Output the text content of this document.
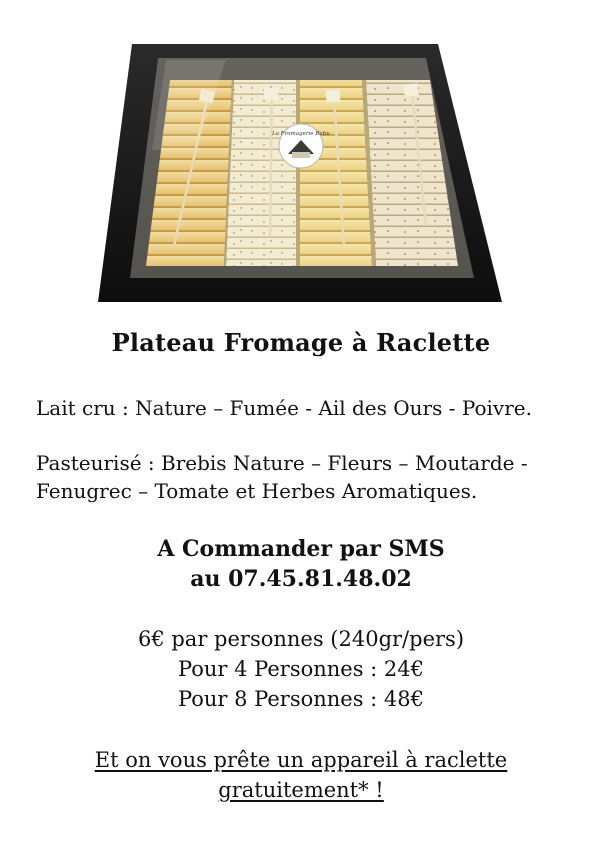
La Fromagerie Bubu
Plateau Fromage à Raclette
Lait cru : Nature – Fumée - Ail des Ours - Poivre.
Pasteurisé : Brebis Nature – Fleurs – Moutarde -
Fenugrec – Tomate et Herbes Aromatiques.
A Commander par SMS
au 07.45.81.48.02
6€ par personnes (240gr/pers)
Pour 4 Personnes : 24€
Pour 8 Personnes : 48€
Et on vous prête un appareil à raclette
gratuitement* !
